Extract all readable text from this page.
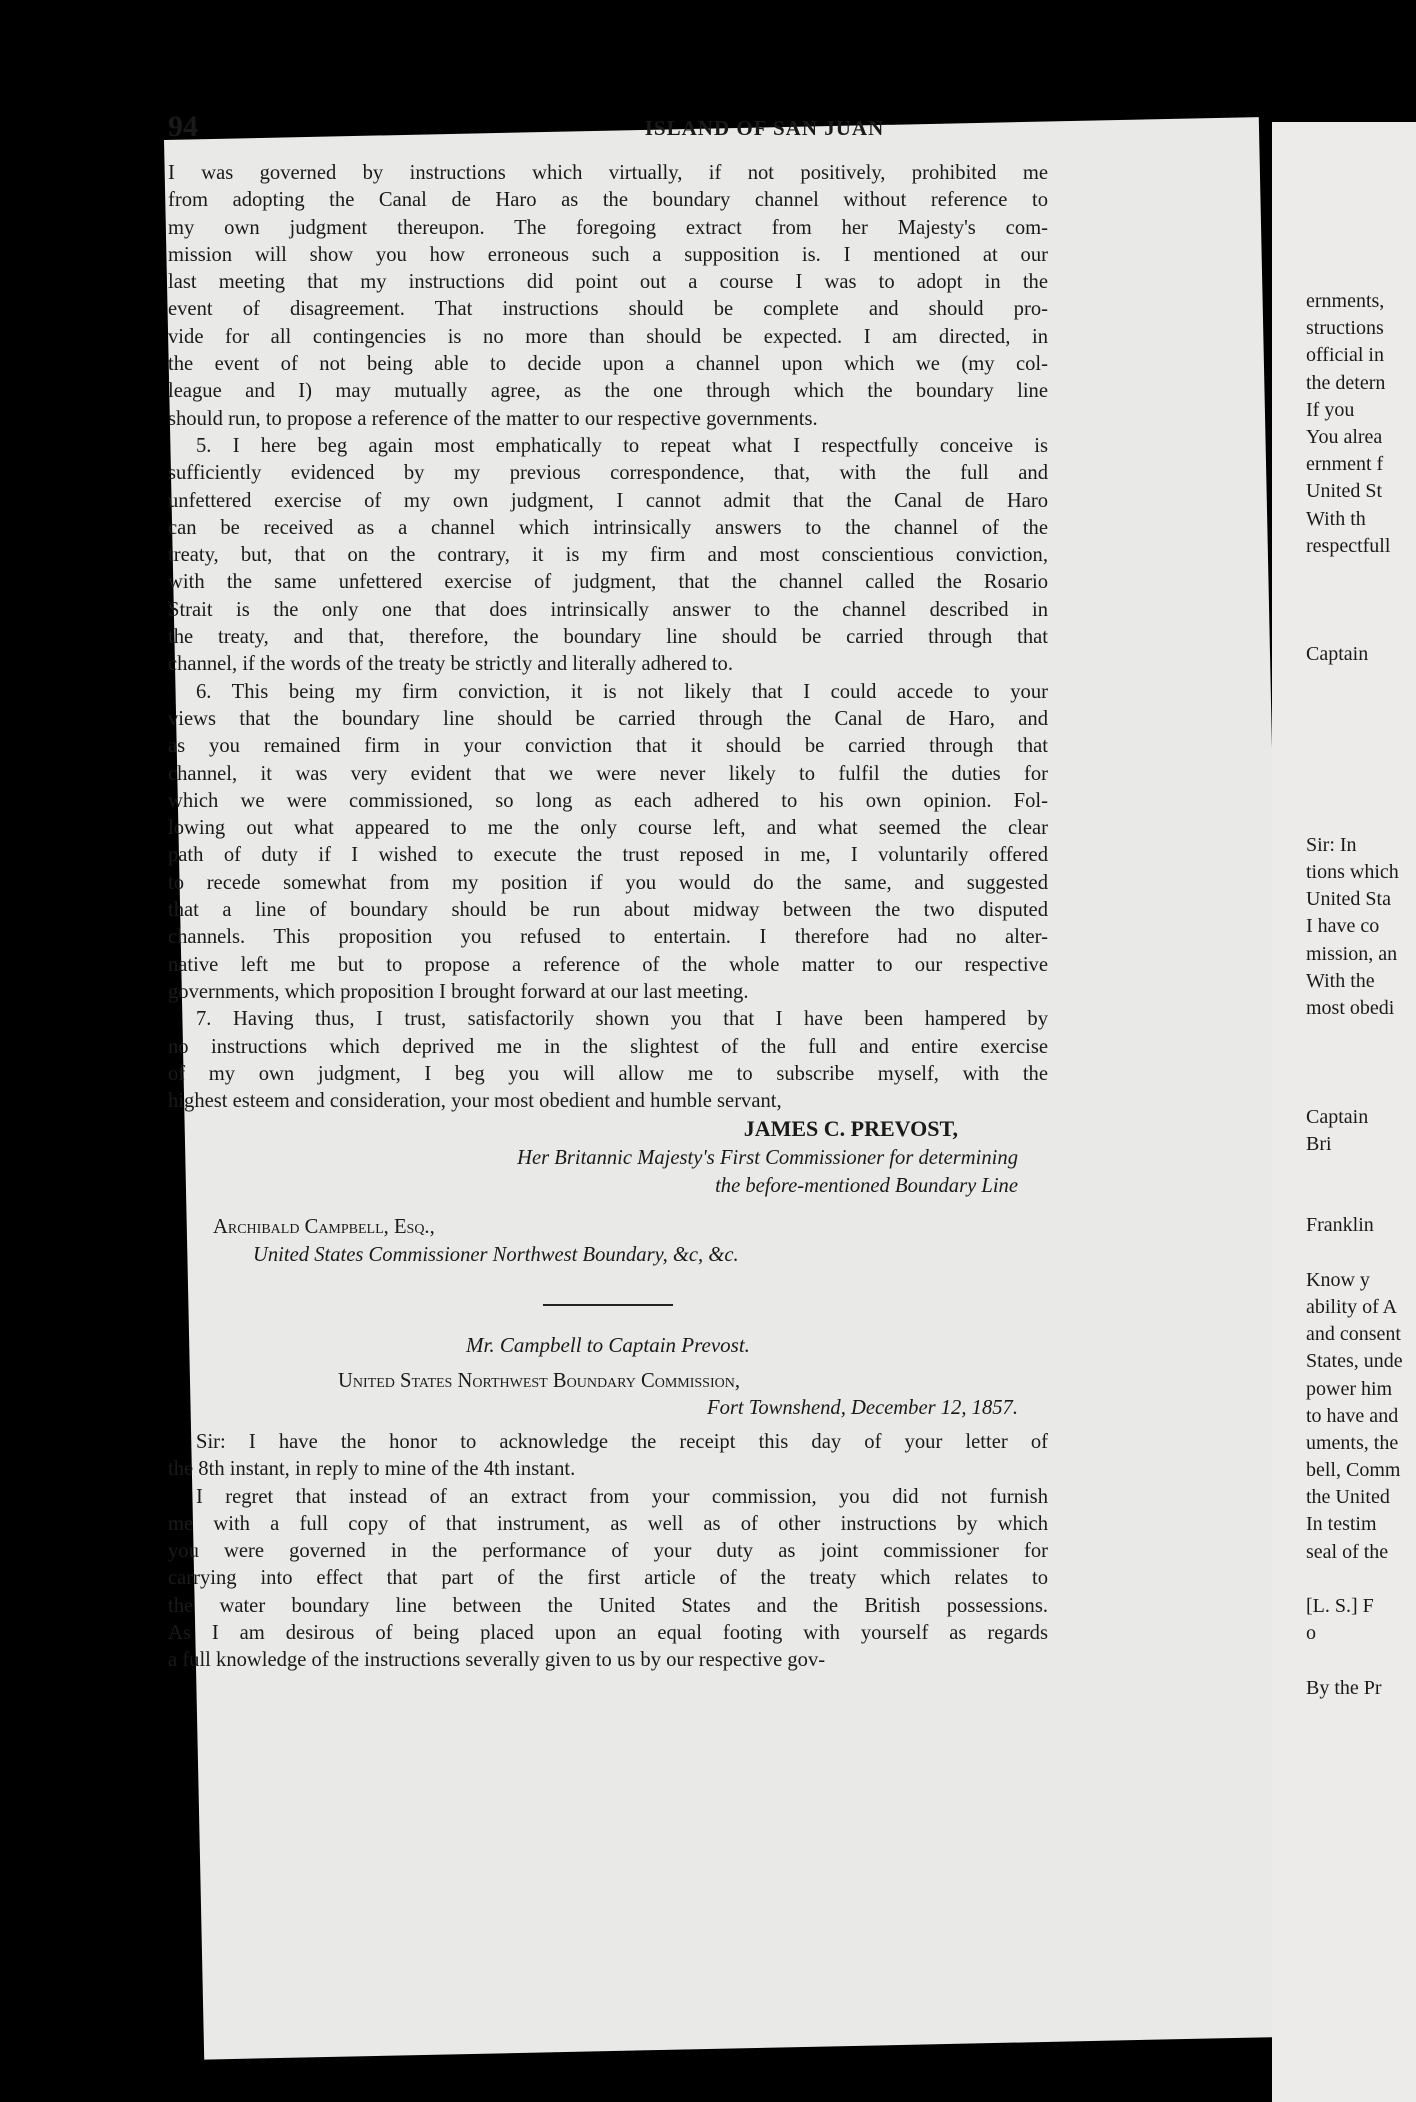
94	ISLAND OF SAN JUAN
I was governed by instructions which virtually, if not positively, prohibited me
from adopting the Canal de Haro as the boundary channel without reference to
my own judgment thereupon. The foregoing extract from her Majesty's com-
mission will show you how erroneous such a supposition is. I mentioned at our
last meeting that my instructions did point out a course I was to adopt in the
event of disagreement. That instructions should be complete and should pro-
vide for all contingencies is no more than should be expected. I am directed, in
the event of not being able to decide upon a channel upon which we (my col-
league and I) may mutually agree, as the one through which the boundary line
should run, to propose a reference of the matter to our respective governments.
5. I here beg again most emphatically to repeat what I respectfully conceive is
sufficiently evidenced by my previous correspondence, that, with the full and
unfettered exercise of my own judgment, I cannot admit that the Canal de Haro
can be received as a channel which intrinsically answers to the channel of the
treaty, but, that on the contrary, it is my firm and most conscientious conviction,
with the same unfettered exercise of judgment, that the channel called the Rosario
Strait is the only one that does intrinsically answer to the channel described in
the treaty, and that, therefore, the boundary line should be carried through that
channel, if the words of the treaty be strictly and literally adhered to.
6. This being my firm conviction, it is not likely that I could accede to your
views that the boundary line should be carried through the Canal de Haro, and
as you remained firm in your conviction that it should be carried through that
channel, it was very evident that we were never likely to fulfil the duties for
which we were commissioned, so long as each adhered to his own opinion. Fol-
lowing out what appeared to me the only course left, and what seemed the clear
path of duty if I wished to execute the trust reposed in me, I voluntarily offered
to recede somewhat from my position if you would do the same, and suggested
that a line of boundary should be run about midway between the two disputed
channels. This proposition you refused to entertain. I therefore had no alter-
native left me but to propose a reference of the whole matter to our respective
governments, which proposition I brought forward at our last meeting.
7. Having thus, I trust, satisfactorily shown you that I have been hampered by
no instructions which deprived me in the slightest of the full and entire exercise
of my own judgment, I beg you will allow me to subscribe myself, with the
highest esteem and consideration, your most obedient and humble servant,
JAMES C. PREVOST,
Her Britannic Majesty's First Commissioner for determining
the before-mentioned Boundary Line
Archibald Campbell, Esq.,
United States Commissioner Northwest Boundary, &c, &c.
Mr. Campbell to Captain Prevost.
United States Northwest Boundary Commission,
Fort Townshend, December 12, 1857.
Sir: I have the honor to acknowledge the receipt this day of your letter of
the 8th instant, in reply to mine of the 4th instant.
I regret that instead of an extract from your commission, you did not furnish
me with a full copy of that instrument, as well as of other instructions by which
you were governed in the performance of your duty as joint commissioner for
carrying into effect that part of the first article of the treaty which relates to
the water boundary line between the United States and the British possessions.
As I am desirous of being placed upon an equal footing with yourself as regards
a full knowledge of the instructions severally given to us by our respective gov-
ernments,
structions
official in
the detern
If you
You alrea
ernment f
United St
With th
respectfull
Captain
Sir: In
tions which
United Sta
I have co
mission, an
With the
most obedi
Captain
Bri
Franklin
Know y
ability of A
and consent
States, unde
power him
to have and
uments, the
bell, Comm
the United
In testim
seal of the
[L. S.] F
o
By the Pr
